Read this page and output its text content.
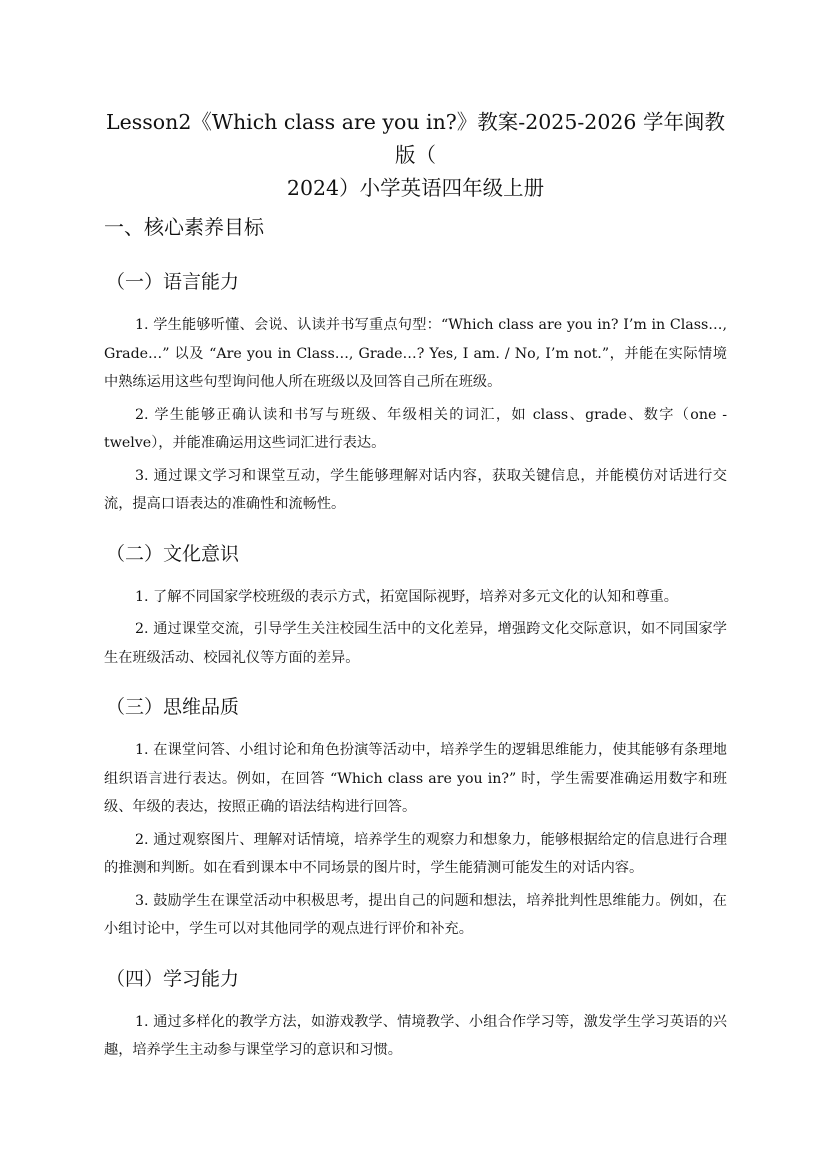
Lesson2《Which class are you in?》教案-2025-2026 学年闽教版（
2024）小学英语四年级上册
一、核心素养目标
（一）语言能力

1. 学生能够听懂、会说、认读并书写重点句型：“Which class are you in? I’m in Class…, Grade…” 以及 “Are you in Class…, Grade…? Yes, I am. / No, I’m not.”，并能在实际情境中熟练运用这些句型询问他人所在班级以及回答自己所在班级。

2. 学生能够正确认读和书写与班级、年级相关的词汇，如 class、grade、数字（one - twelve），并能准确运用这些词汇进行表达。

3. 通过课文学习和课堂互动，学生能够理解对话内容，获取关键信息，并能模仿对话进行交流，提高口语表达的准确性和流畅性。

（二）文化意识

1. 了解不同国家学校班级的表示方式，拓宽国际视野，培养对多元文化的认知和尊重。

2. 通过课堂交流，引导学生关注校园生活中的文化差异，增强跨文化交际意识，如不同国家学生在班级活动、校园礼仪等方面的差异。

（三）思维品质

1. 在课堂问答、小组讨论和角色扮演等活动中，培养学生的逻辑思维能力，使其能够有条理地组织语言进行表达。例如，在回答 “Which class are you in?” 时，学生需要准确运用数字和班级、年级的表达，按照正确的语法结构进行回答。

2. 通过观察图片、理解对话情境，培养学生的观察力和想象力，能够根据给定的信息进行合理的推测和判断。如在看到课本中不同场景的图片时，学生能猜测可能发生的对话内容。

3. 鼓励学生在课堂活动中积极思考，提出自己的问题和想法，培养批判性思维能力。例如，在小组讨论中，学生可以对其他同学的观点进行评价和补充。

（四）学习能力

1. 通过多样化的教学方法，如游戏教学、情境教学、小组合作学习等，激发学生学习英语的兴趣，培养学生主动参与课堂学习的意识和习惯。
